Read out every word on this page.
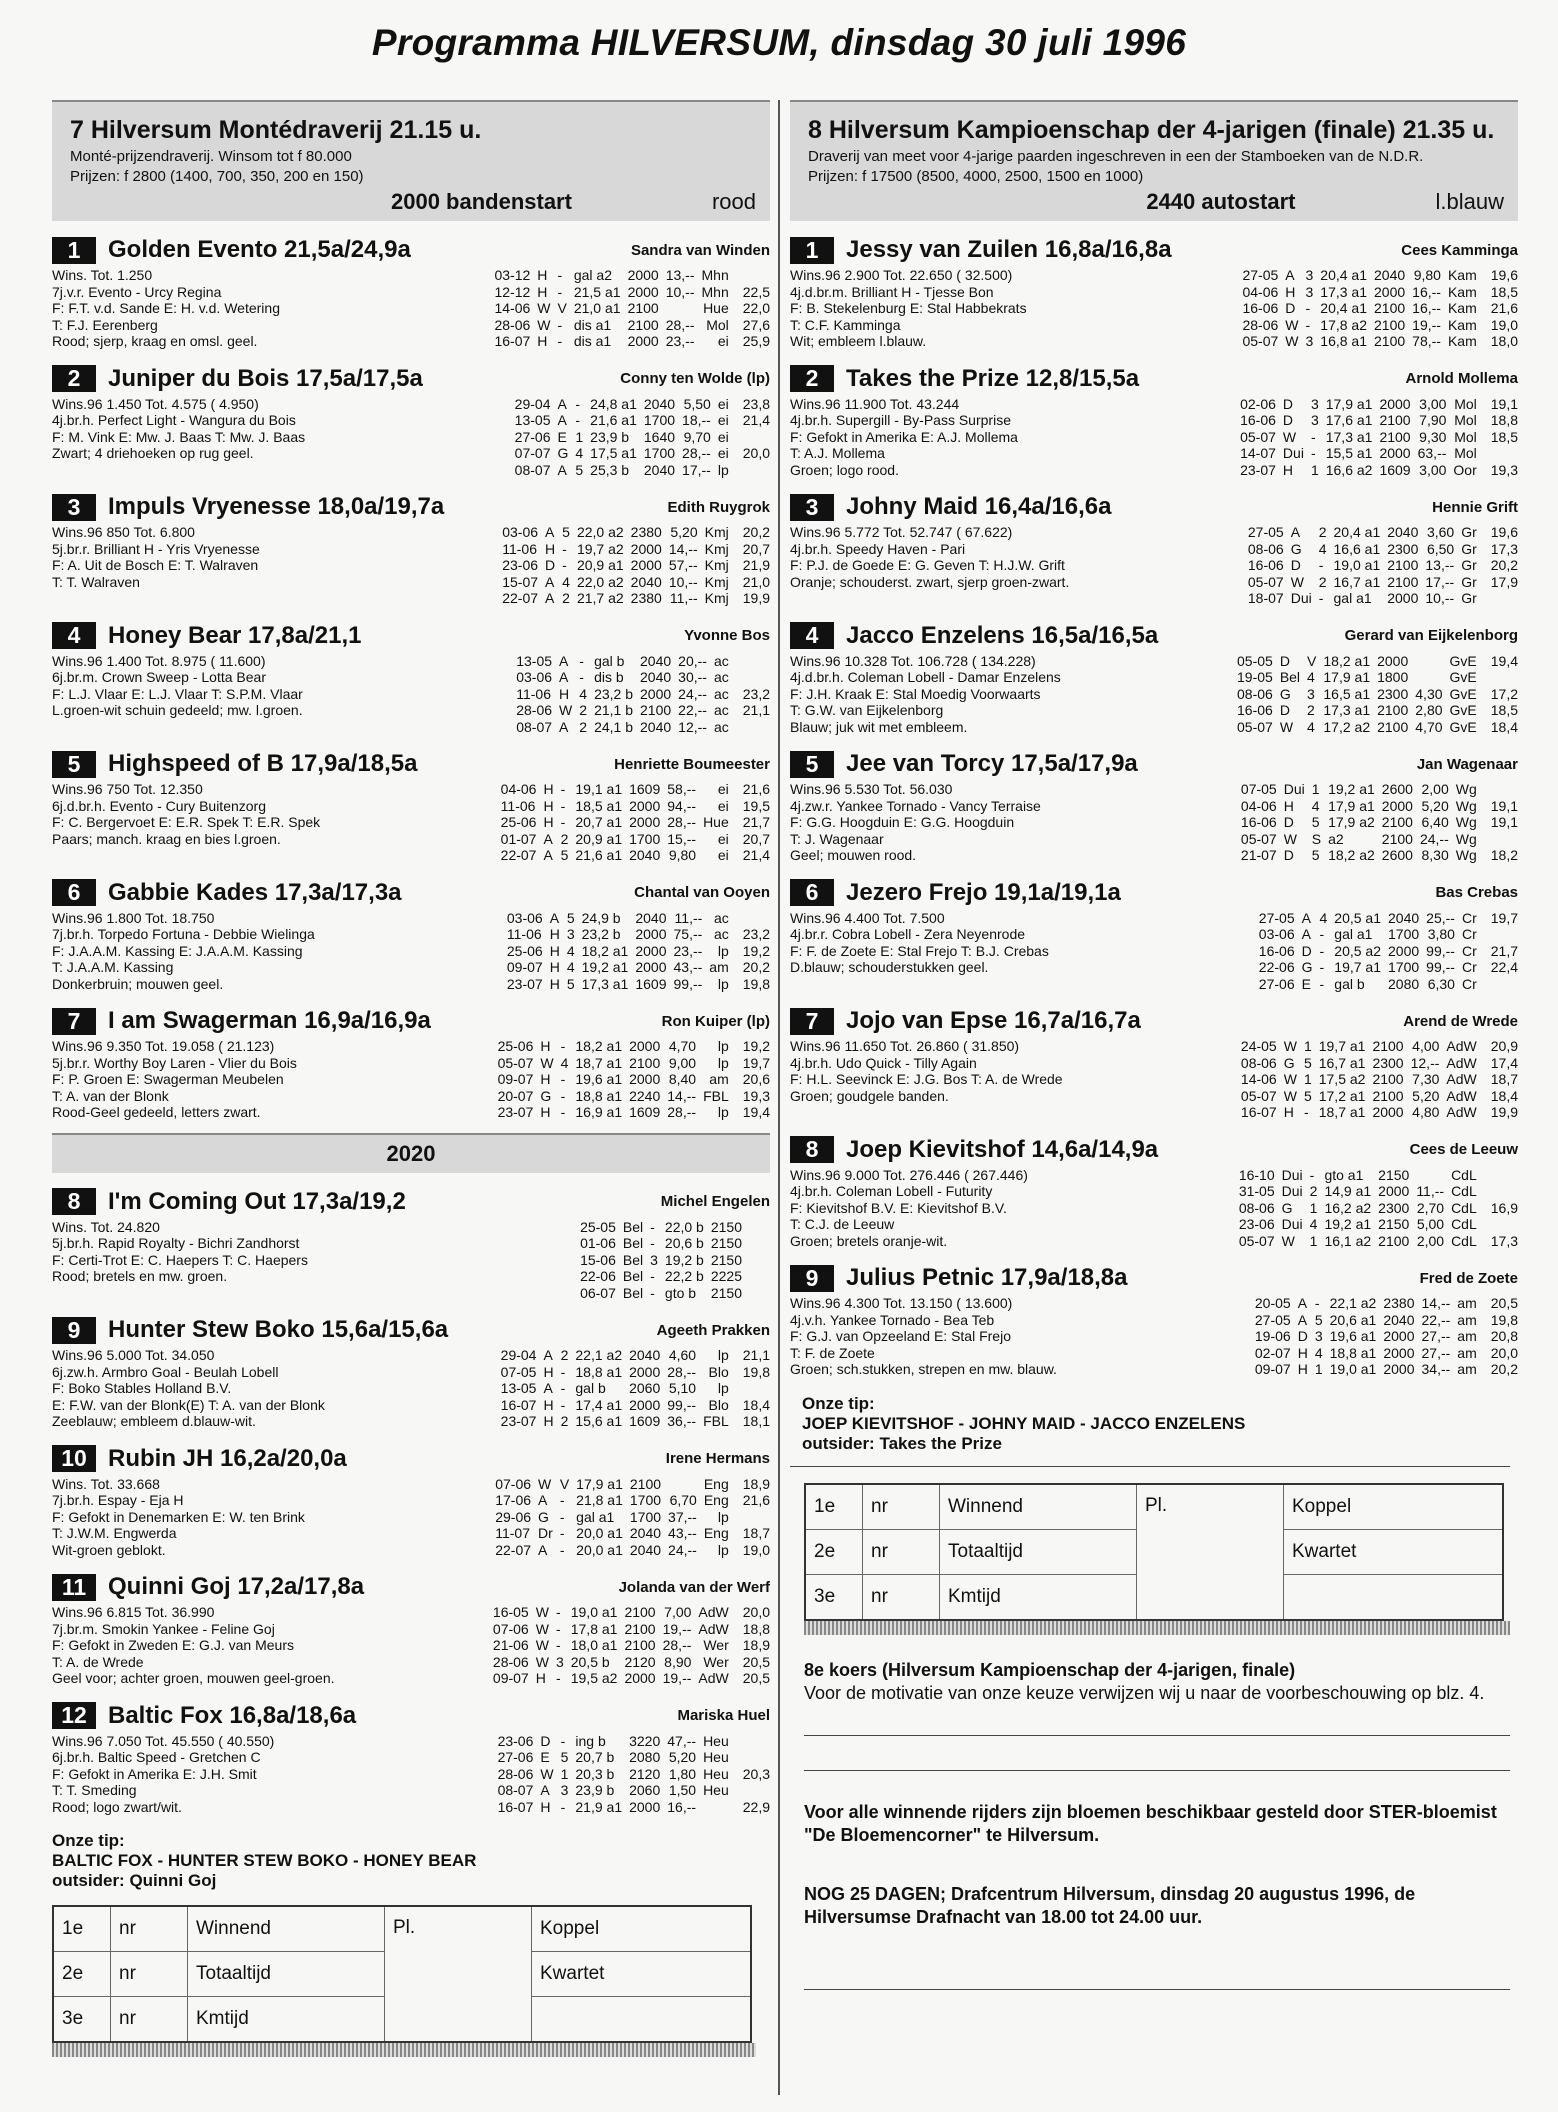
Programma HILVERSUM, dinsdag 30 juli 1996
7 Hilversum Montédraverij 21.15 u.
Monté-prijzendraverij. Winsom tot f 80.000
Prijzen: f 2800 (1400, 700, 350, 200 en 150)
2000 bandenstart	rood
1	Golden Evento 21,5a/24,9a	Sandra van Winden
Wins. Tot. 1.250
7j.v.r. Evento - Urcy Regina
F: F.T. v.d. Sande E: H. v.d. Wetering
T: F.J. Eerenberg
Rood; sjerp, kraag en omsl. geel.
03-12	H	-	gal a2	2000	13,--	Mhn	
12-12	H	-	21,5 a1	2000	10,--	Mhn	22,5
14-06	W	V	21,0 a1	2100		Hue	22,0
28-06	W	-	dis a1	2100	28,--	Mol	27,6
16-07	H	-	dis a1	2000	23,--	ei	25,9
2	Juniper du Bois 17,5a/17,5a	Conny ten Wolde (lp)
Wins.96 1.450 Tot. 4.575 ( 4.950)
4j.br.h. Perfect Light - Wangura du Bois
F: M. Vink E: Mw. J. Baas T: Mw. J. Baas
Zwart; 4 driehoeken op rug geel.
29-04	A	-	24,8 a1	2040	5,50	ei	23,8
13-05	A	-	21,6 a1	1700	18,--	ei	21,4
27-06	E	1	23,9 b	1640	9,70	ei	
07-07	G	4	17,5 a1	1700	28,--	ei	20,0
08-07	A	5	25,3 b	2040	17,--	lp	
3	Impuls Vryenesse 18,0a/19,7a	Edith Ruygrok
Wins.96 850 Tot. 6.800
5j.br.r. Brilliant H - Yris Vryenesse
F: A. Uit de Bosch E: T. Walraven
T: T. Walraven
03-06	A	5	22,0 a2	2380	5,20	Kmj	20,2
11-06	H	-	19,7 a2	2000	14,--	Kmj	20,7
23-06	D	-	20,9 a1	2000	57,--	Kmj	21,9
15-07	A	4	22,0 a2	2040	10,--	Kmj	21,0
22-07	A	2	21,7 a2	2380	11,--	Kmj	19,9
4	Honey Bear 17,8a/21,1	Yvonne Bos
Wins.96 1.400 Tot. 8.975 ( 11.600)
6j.br.m. Crown Sweep - Lotta Bear
F: L.J. Vlaar E: L.J. Vlaar T: S.P.M. Vlaar
L.groen-wit schuin gedeeld; mw. l.groen.
13-05	A	-	gal b	2040	20,--	ac	
03-06	A	-	dis b	2040	30,--	ac	
11-06	H	4	23,2 b	2000	24,--	ac	23,2
28-06	W	2	21,1 b	2100	22,--	ac	21,1
08-07	A	2	24,1 b	2040	12,--	ac	
5	Highspeed of B 17,9a/18,5a	Henriette Boumeester
Wins.96 750 Tot. 12.350
6j.d.br.h. Evento - Cury Buitenzorg
F: C. Bergervoet E: E.R. Spek T: E.R. Spek
Paars; manch. kraag en bies l.groen.
04-06	H	-	19,1 a1	1609	58,--	ei	21,6
11-06	H	-	18,5 a1	2000	94,--	ei	19,5
25-06	H	-	20,7 a1	2000	28,--	Hue	21,7
01-07	A	2	20,9 a1	1700	15,--	ei	20,7
22-07	A	5	21,6 a1	2040	9,80	ei	21,4
6	Gabbie Kades 17,3a/17,3a	Chantal van Ooyen
Wins.96 1.800 Tot. 18.750
7j.br.h. Torpedo Fortuna - Debbie Wielinga
F: J.A.A.M. Kassing E: J.A.A.M. Kassing
T: J.A.A.M. Kassing
Donkerbruin; mouwen geel.
03-06	A	5	24,9 b	2040	11,--	ac	
11-06	H	3	23,2 b	2000	75,--	ac	23,2
25-06	H	4	18,2 a1	2000	23,--	lp	19,2
09-07	H	4	19,2 a1	2000	43,--	am	20,2
23-07	H	5	17,3 a1	1609	99,--	lp	19,8
7	I am Swagerman 16,9a/16,9a	Ron Kuiper (lp)
Wins.96 9.350 Tot. 19.058 ( 21.123)
5j.br.r. Worthy Boy Laren - Vlier du Bois
F: P. Groen E: Swagerman Meubelen
T: A. van der Blonk
Rood-Geel gedeeld, letters zwart.
25-06	H	-	18,2 a1	2000	4,70	lp	19,2
05-07	W	4	18,7 a1	2100	9,00	lp	19,7
09-07	H	-	19,6 a1	2000	8,40	am	20,6
20-07	G	-	18,8 a1	2240	14,--	FBL	19,3
23-07	H	-	16,9 a1	1609	28,--	lp	19,4
2020
8	I'm Coming Out 17,3a/19,2	Michel Engelen
Wins. Tot. 24.820
5j.br.h. Rapid Royalty - Bichri Zandhorst
F: Certi-Trot E: C. Haepers T: C. Haepers
Rood; bretels en mw. groen.
25-05	Bel	-	22,0 b	2150			
01-06	Bel	-	20,6 b	2150			
15-06	Bel	3	19,2 b	2150			
22-06	Bel	-	22,2 b	2225			
06-07	Bel	-	gto b	2150			
9	Hunter Stew Boko 15,6a/15,6a	Ageeth Prakken
Wins.96 5.000 Tot. 34.050
6j.zw.h. Armbro Goal - Beulah Lobell
F: Boko Stables Holland B.V.
E: F.W. van der Blonk(E) T: A. van der Blonk
Zeeblauw; embleem d.blauw-wit.
29-04	A	2	22,1 a2	2040	4,60	lp	21,1
07-05	H	-	18,8 a1	2000	28,--	Blo	19,8
13-05	A	-	gal b	2060	5,10	lp	
16-07	H	-	17,4 a1	2000	99,--	Blo	18,4
23-07	H	2	15,6 a1	1609	36,--	FBL	18,1
10 Rubin JH 16,2a/20,0a	Irene Hermans
Wins. Tot. 33.668
7j.br.h. Espay - Eja H
F: Gefokt in Denemarken E: W. ten Brink
T: J.W.M. Engwerda
Wit-groen geblokt.
07-06	W	V	17,9 a1	2100		Eng	18,9
17-06	A	-	21,8 a1	1700	6,70	Eng	21,6
29-06	G	-	gal a1	1700	37,--	lp	
11-07	Dr	-	20,0 a1	2040	43,--	Eng	18,7
22-07	A	-	20,0 a1	2040	24,--	lp	19,0
11 Quinni Goj 17,2a/17,8a	Jolanda van der Werf
Wins.96 6.815 Tot. 36.990
7j.br.m. Smokin Yankee - Feline Goj
F: Gefokt in Zweden E: G.J. van Meurs
T: A. de Wrede
Geel voor; achter groen, mouwen geel-groen.
16-05	W	-	19,0 a1	2100	7,00	AdW	20,0
07-06	W	-	17,8 a1	2100	19,--	AdW	18,8
21-06	W	-	18,0 a1	2100	28,--	Wer	18,9
28-06	W	3	20,5 b	2120	8,90	Wer	20,5
09-07	H	-	19,5 a2	2000	19,--	AdW	20,5
12 Baltic Fox 16,8a/18,6a	Mariska Huel
Wins.96 7.050 Tot. 45.550 ( 40.550)
6j.br.h. Baltic Speed - Gretchen C
F: Gefokt in Amerika E: J.H. Smit
T: T. Smeding
Rood; logo zwart/wit.
23-06	D	-	ing b	3220	47,--	Heu	
27-06	E	5	20,7 b	2080	5,20	Heu	
28-06	W	1	20,3 b	2120	1,80	Heu	20,3
08-07	A	3	23,9 b	2060	1,50	Heu	
16-07	H	-	21,9 a1	2000	16,--		22,9
Onze tip:
BALTIC FOX - HUNTER STEW BOKO - HONEY BEAR
outsider: Quinni Goj
1e	nr	Winnend	Pl.	Koppel
2e	nr	Totaaltijd		Kwartet
3e	nr	Kmtijd		
8 Hilversum Kampioenschap der 4-jarigen (finale) 21.35 u.
Draverij van meet voor 4-jarige paarden ingeschreven in een der Stamboeken van de N.D.R.
Prijzen: f 17500 (8500, 4000, 2500, 1500 en 1000)
2440 autostart	l.blauw
1	Jessy van Zuilen 16,8a/16,8a	Cees Kamminga
Wins.96 2.900 Tot. 22.650 ( 32.500)
4j.d.br.m. Brilliant H - Tjesse Bon
F: B. Stekelenburg E: Stal Habbekrats
T: C.F. Kamminga
Wit; embleem l.blauw.
27-05	A	3	20,4 a1	2040	9,80	Kam	19,6
04-06	H	3	17,3 a1	2000	16,--	Kam	18,5
16-06	D	-	20,4 a1	2100	16,--	Kam	21,6
28-06	W	-	17,8 a2	2100	19,--	Kam	19,0
05-07	W	3	16,8 a1	2100	78,--	Kam	18,0
2	Takes the Prize 12,8/15,5a	Arnold Mollema
Wins.96 11.900 Tot. 43.244
4j.br.h. Supergill - By-Pass Surprise
F: Gefokt in Amerika E: A.J. Mollema
T: A.J. Mollema
Groen; logo rood.
02-06	D	3	17,9 a1	2000	3,00	Mol	19,1
16-06	D	3	17,6 a1	2100	7,90	Mol	18,8
05-07	W	-	17,3 a1	2100	9,30	Mol	18,5
14-07	Dui	-	15,5 a1	2000	63,--	Mol	
23-07	H	1	16,6 a2	1609	3,00	Oor	19,3
3	Johny Maid 16,4a/16,6a	Hennie Grift
Wins.96 5.772 Tot. 52.747 ( 67.622)
4j.br.h. Speedy Haven - Pari
F: P.J. de Goede E: G. Geven T: H.J.W. Grift
Oranje; schouderst. zwart, sjerp groen-zwart.
27-05	A	2	20,4 a1	2040	3,60	Gr	19,6
08-06	G	4	16,6 a1	2300	6,50	Gr	17,3
16-06	D	-	19,0 a1	2100	13,--	Gr	20,2
05-07	W	2	16,7 a1	2100	17,--	Gr	17,9
18-07	Dui	-	gal a1	2000	10,--	Gr	
4	Jacco Enzelens 16,5a/16,5a	Gerard van Eijkelenborg
Wins.96 10.328 Tot. 106.728 ( 134.228)
4j.d.br.h. Coleman Lobell - Damar Enzelens
F: J.H. Kraak E: Stal Moedig Voorwaarts
T: G.W. van Eijkelenborg
Blauw; juk wit met embleem.
05-05	D	V	18,2 a1	2000		GvE	19,4
19-05	Bel	4	17,9 a1	1800		GvE	
08-06	G	3	16,5 a1	2300	4,30	GvE	17,2
16-06	D	2	17,3 a1	2100	2,80	GvE	18,5
05-07	W	4	17,2 a2	2100	4,70	GvE	18,4
5	Jee van Torcy 17,5a/17,9a	Jan Wagenaar
Wins.96 5.530 Tot. 56.030
4j.zw.r. Yankee Tornado - Vancy Terraise
F: G.G. Hoogduin E: G.G. Hoogduin
T: J. Wagenaar
Geel; mouwen rood.
07-05	Dui	1	19,2 a1	2600	2,00	Wg	
04-06	H	4	17,9 a1	2000	5,20	Wg	19,1
16-06	D	5	17,9 a2	2100	6,40	Wg	19,1
05-07	W	S	a2	2100	24,--	Wg	
21-07	D	5	18,2 a2	2600	8,30	Wg	18,2
6	Jezero Frejo 19,1a/19,1a	Bas Crebas
Wins.96 4.400 Tot. 7.500
4j.br.r. Cobra Lobell - Zera Neyenrode
F: F. de Zoete E: Stal Frejo T: B.J. Crebas
D.blauw; schouderstukken geel.
27-05	A	4	20,5 a1	2040	25,--	Cr	19,7
03-06	A	-	gal a1	1700	3,80	Cr	
16-06	D	-	20,5 a2	2000	99,--	Cr	21,7
22-06	G	-	19,7 a1	1700	99,--	Cr	22,4
27-06	E	-	gal b	2080	6,30	Cr	
7	Jojo van Epse 16,7a/16,7a	Arend de Wrede
Wins.96 11.650 Tot. 26.860 ( 31.850)
4j.br.h. Udo Quick - Tilly Again
F: H.L. Seevinck E: J.G. Bos T: A. de Wrede
Groen; goudgele banden.
24-05	W	1	19,7 a1	2100	4,00	AdW	20,9
08-06	G	5	16,7 a1	2300	12,--	AdW	17,4
14-06	W	1	17,5 a2	2100	7,30	AdW	18,7
05-07	W	5	17,2 a1	2100	5,20	AdW	18,4
16-07	H	-	18,7 a1	2000	4,80	AdW	19,9
8	Joep Kievitshof 14,6a/14,9a	Cees de Leeuw
Wins.96 9.000 Tot. 276.446 ( 267.446)
4j.br.h. Coleman Lobell - Futurity
F: Kievitshof B.V. E: Kievitshof B.V.
T: C.J. de Leeuw
Groen; bretels oranje-wit.
16-10	Dui	-	gto a1	2150		CdL	
31-05	Dui	2	14,9 a1	2000	11,--	CdL	
08-06	G	1	16,2 a2	2300	2,70	CdL	16,9
23-06	Dui	4	19,2 a1	2150	5,00	CdL	
05-07	W	1	16,1 a2	2100	2,00	CdL	17,3
9	Julius Petnic 17,9a/18,8a	Fred de Zoete
Wins.96 4.300 Tot. 13.150 ( 13.600)
4j.v.h. Yankee Tornado - Bea Teb
F: G.J. van Opzeeland E: Stal Frejo
T: F. de Zoete
Groen; sch.stukken, strepen en mw. blauw.
20-05	A	-	22,1 a2	2380	14,--	am	20,5
27-05	A	5	20,6 a1	2040	22,--	am	19,8
19-06	D	3	19,6 a1	2000	27,--	am	20,8
02-07	H	4	18,8 a1	2000	27,--	am	20,0
09-07	H	1	19,0 a1	2000	34,--	am	20,2
Onze tip:
JOEP KIEVITSHOF - JOHNY MAID - JACCO ENZELENS
outsider: Takes the Prize
1e	nr	Winnend	Pl.	Koppel
2e	nr	Totaaltijd		Kwartet
3e	nr	Kmtijd		
8e koers (Hilversum Kampioenschap der 4-jarigen, finale)
Voor de motivatie van onze keuze verwijzen wij u naar de voorbeschouwing op blz. 4.
Voor alle winnende rijders zijn bloemen beschikbaar gesteld door STER-bloemist "De Bloemencorner" te Hilversum.
NOG 25 DAGEN; Drafcentrum Hilversum, dinsdag 20 augustus 1996, de Hilversumse Drafnacht van 18.00 tot 24.00 uur.
